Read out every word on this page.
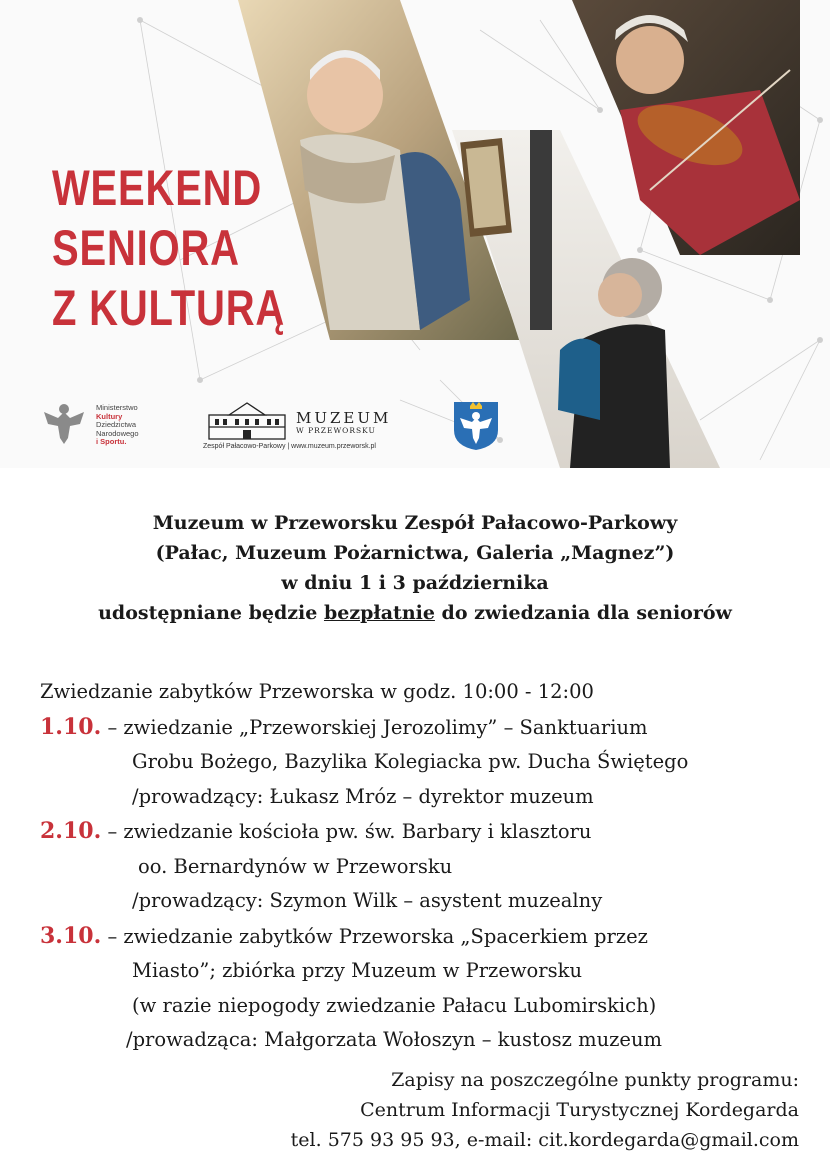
WEEKEND
SENIORA
Z KULTURĄ
Ministerstwo
Kultury
Dziedzictwa
Narodowego
i Sportu.
MUZEUM
W PRZEWORSKU
Zespół Pałacowo-Parkowy | www.muzeum.przeworsk.pl
Muzeum w Przeworsku Zespół Pałacowo-Parkowy
(Pałac, Muzeum Pożarnictwa, Galeria „Magnez”)
w dniu 1 i 3 października
udostępniane będzie bezpłatnie do zwiedzania dla seniorów
Zwiedzanie zabytków Przeworska w godz. 10:00 - 12:00
1.10. – zwiedzanie „Przeworskiej Jerozolimy” – Sanktuarium
Grobu Bożego, Bazylika Kolegiacka pw. Ducha Świętego
/prowadzący: Łukasz Mróz – dyrektor muzeum
2.10. – zwiedzanie kościoła pw. św. Barbary i klasztoru
oo. Bernardynów w Przeworsku
/prowadzący: Szymon Wilk – asystent muzealny
3.10. – zwiedzanie zabytków Przeworska „Spacerkiem przez
Miasto”; zbiórka przy Muzeum w Przeworsku
(w razie niepogody zwiedzanie Pałacu Lubomirskich)
/prowadząca: Małgorzata Wołoszyn – kustosz muzeum
Zapisy na poszczególne punkty programu:
Centrum Informacji Turystycznej Kordegarda
tel. 575 93 95 93, e-mail: cit.kordegarda@gmail.com
